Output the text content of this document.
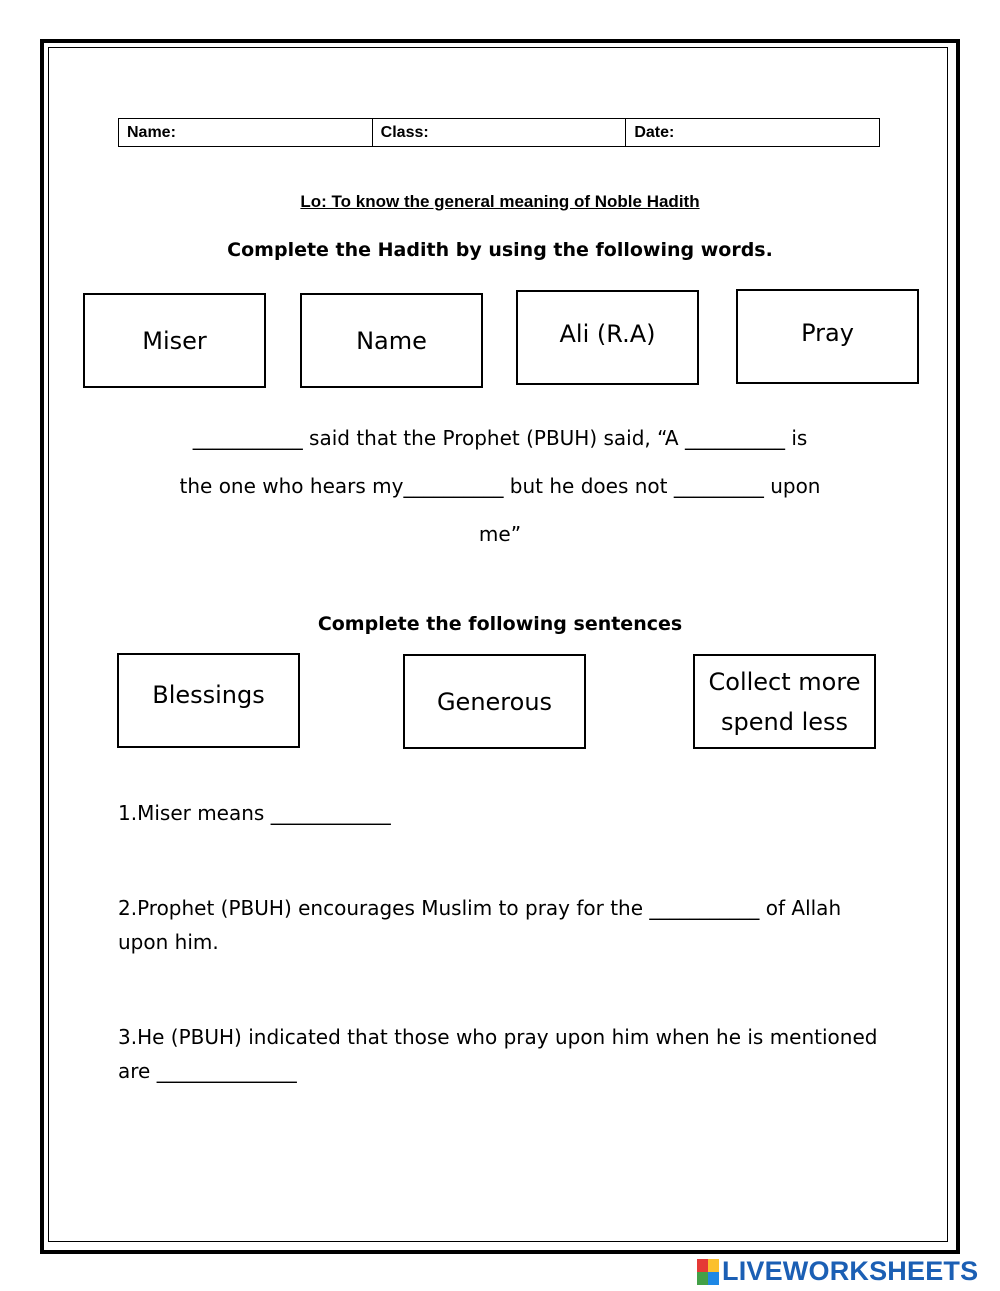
Name:	Class:	Date:
Lo: To know the general meaning of Noble Hadith
Complete the Hadith by using the following words.
Miser	Name	Ali (R.A)	Pray
___________ said that the Prophet (PBUH) said, “A __________ is
the one who hears my__________ but he does not _________ upon
me”
Complete the following sentences
Blessings	Generous
Collect more spend less
1.Miser means ____________
2.Prophet (PBUH) encourages Muslim to pray for the ___________ of Allah upon him.
3.He (PBUH) indicated that those who pray upon him when he is mentioned are ______________
LIVEWORKSHEETS
